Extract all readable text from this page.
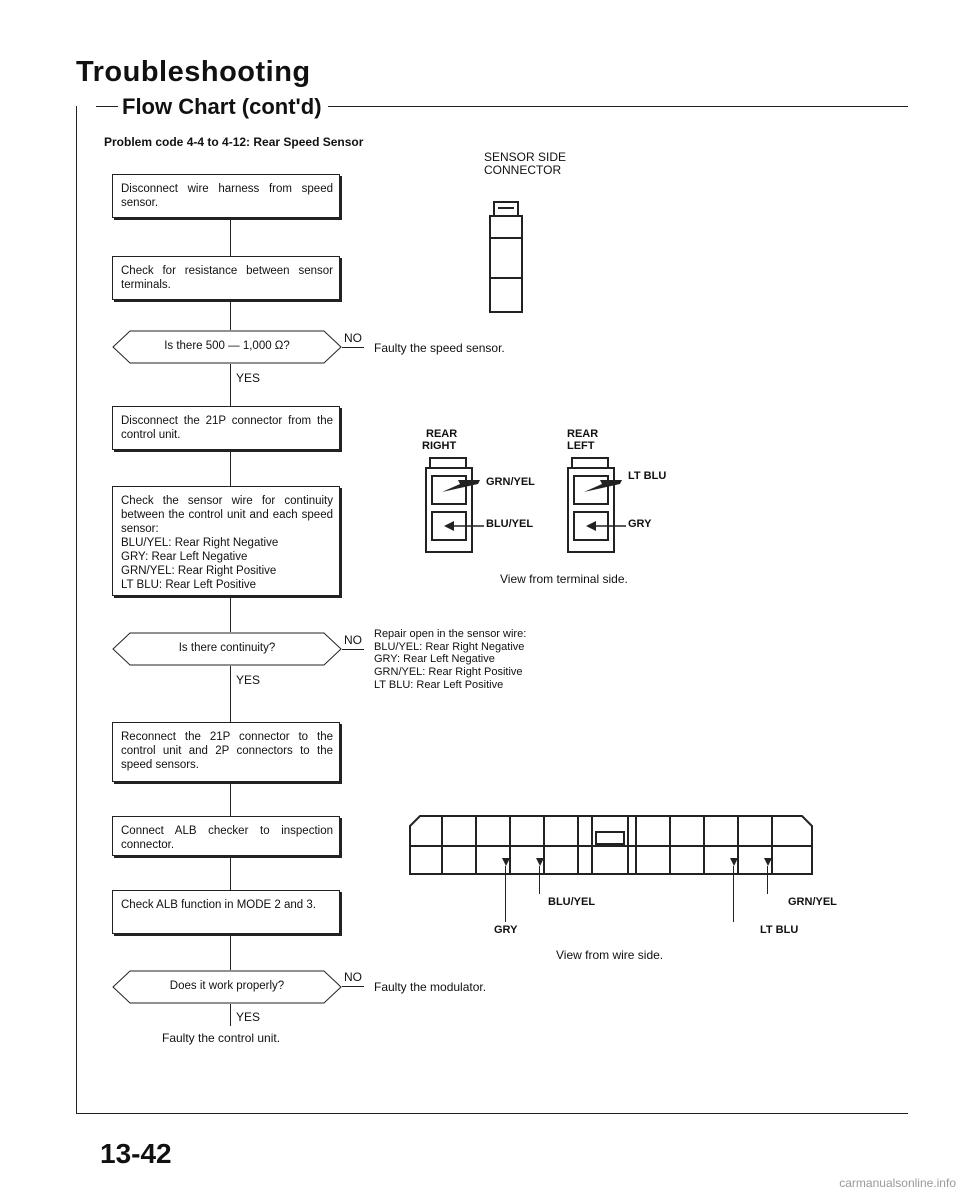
Troubleshooting
Flow Chart (cont'd)
Problem code 4-4 to 4-12: Rear Speed Sensor
Disconnect wire harness from speed sensor.
Check for resistance between sensor terminals.
Is there 500 — 1,000 Ω?
NO
YES
Disconnect the 21P connector from the control unit.
Check the sensor wire for continuity between the control unit and each speed sensor:
BLU/YEL: Rear Right Negative
GRY: Rear Left Negative
GRN/YEL: Rear Right Positive
LT BLU: Rear Left Positive
Is there continuity?
NO
YES
Reconnect the 21P connector to the control unit and 2P connectors to the speed sensors.
Connect ALB checker to inspection connector.
Check ALB function in MODE 2 and 3.
Does it work properly?
NO
YES
Faulty the control unit.
SENSOR SIDE
CONNECTOR
Faulty the speed sensor.
REAR
RIGHT
REAR
LEFT
GRN/YEL
BLU/YEL
LT BLU
GRY
View from terminal side.
Repair open in the sensor wire:
BLU/YEL: Rear Right Negative
GRY: Rear Left Negative
GRN/YEL: Rear Right Positive
LT BLU: Rear Left Positive
BLU/YEL
GRY
GRN/YEL
LT BLU
View from wire side.
Faulty the modulator.
13-42
carmanualsonline.info
